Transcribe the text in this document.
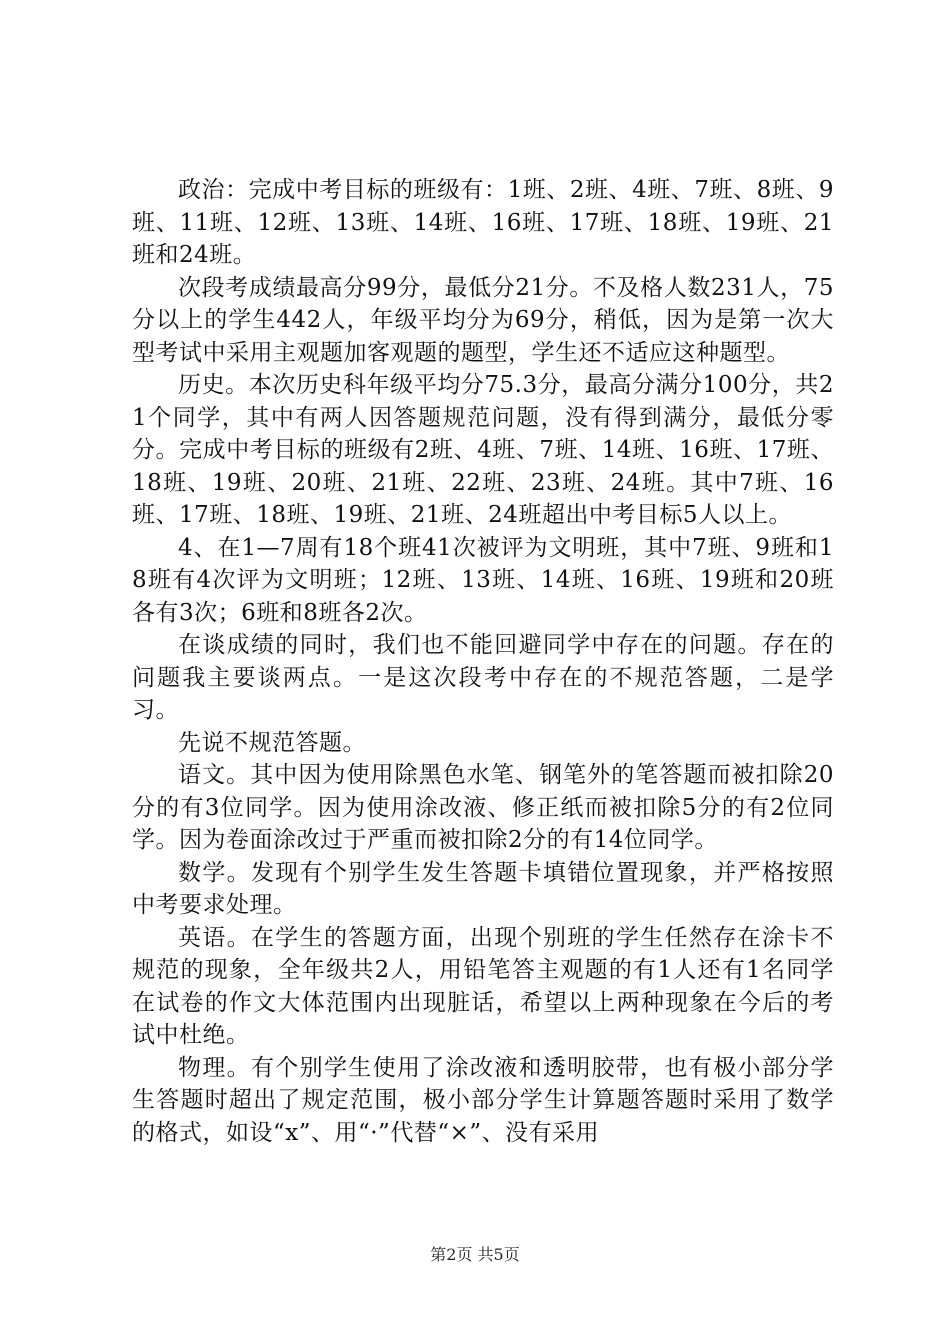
政治：完成中考目标的班级有：1班、2班、4班、7班、8班、9班、11班、12班、13班、14班、16班、17班、18班、19班、21班和24班。

次段考成绩最高分99分，最低分21分。不及格人数231人，75分以上的学生442人，年级平均分为69分，稍低，因为是第一次大型考试中采用主观题加客观题的题型，学生还不适应这种题型。

历史。本次历史科年级平均分75.3分，最高分满分100分，共21个同学，其中有两人因答题规范问题，没有得到满分，最低分零分。完成中考目标的班级有2班、4班、7班、14班、16班、17班、18班、19班、20班、21班、22班、23班、24班。其中7班、16班、17班、18班、19班、21班、24班超出中考目标5人以上。

4、在1—7周有18个班41次被评为文明班，其中7班、9班和18班有4次评为文明班；12班、13班、14班、16班、19班和20班各有3次；6班和8班各2次。

在谈成绩的同时，我们也不能回避同学中存在的问题。存在的问题我主要谈两点。一是这次段考中存在的不规范答题，二是学习。

先说不规范答题。

语文。其中因为使用除黑色水笔、钢笔外的笔答题而被扣除20分的有3位同学。因为使用涂改液、修正纸而被扣除5分的有2位同学。因为卷面涂改过于严重而被扣除2分的有14位同学。

数学。发现有个别学生发生答题卡填错位置现象，并严格按照中考要求处理。

英语。在学生的答题方面，出现个别班的学生任然存在涂卡不规范的现象，全年级共2人，用铅笔答主观题的有1人还有1名同学在试卷的作文大体范围内出现脏话，希望以上两种现象在今后的考试中杜绝。

物理。有个别学生使用了涂改液和透明胶带，也有极小部分学生答题时超出了规定范围，极小部分学生计算题答题时采用了数学的格式，如设“x”、用“·”代替“×”、没有采用

第2页 共5页
